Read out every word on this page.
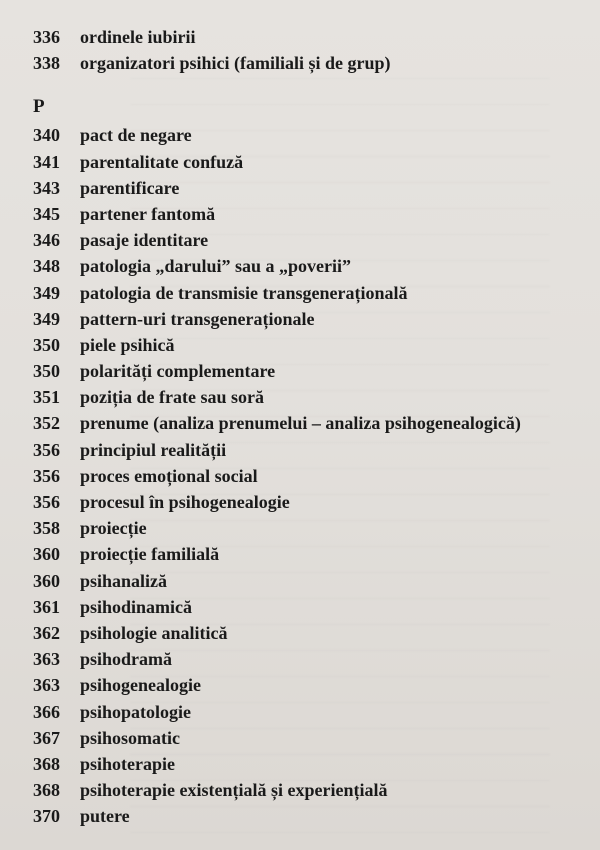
336	ordinele iubirii
338	organizatori psihici (familiali și de grup)
P
340	pact de negare
341	parentalitate confuză
343	parentificare
345	partener fantomă
346	pasaje identitare
348	patologia „darului” sau a „poverii”
349	patologia de transmisie transgenerațională
349	pattern-uri transgeneraționale
350	piele psihică
350	polarități complementare
351	poziția de frate sau soră
352	prenume (analiza prenumelui – analiza psihogenealogică)
356	principiul realității
356	proces emoțional social
356	procesul în psihogenealogie
358	proiecție
360	proiecție familială
360	psihanaliză
361	psihodinamică
362	psihologie analitică
363	psihodramă
363	psihogenealogie
366	psihopatologie
367	psihosomatic
368	psihoterapie
368	psihoterapie existențială și experiențială
370	putere
